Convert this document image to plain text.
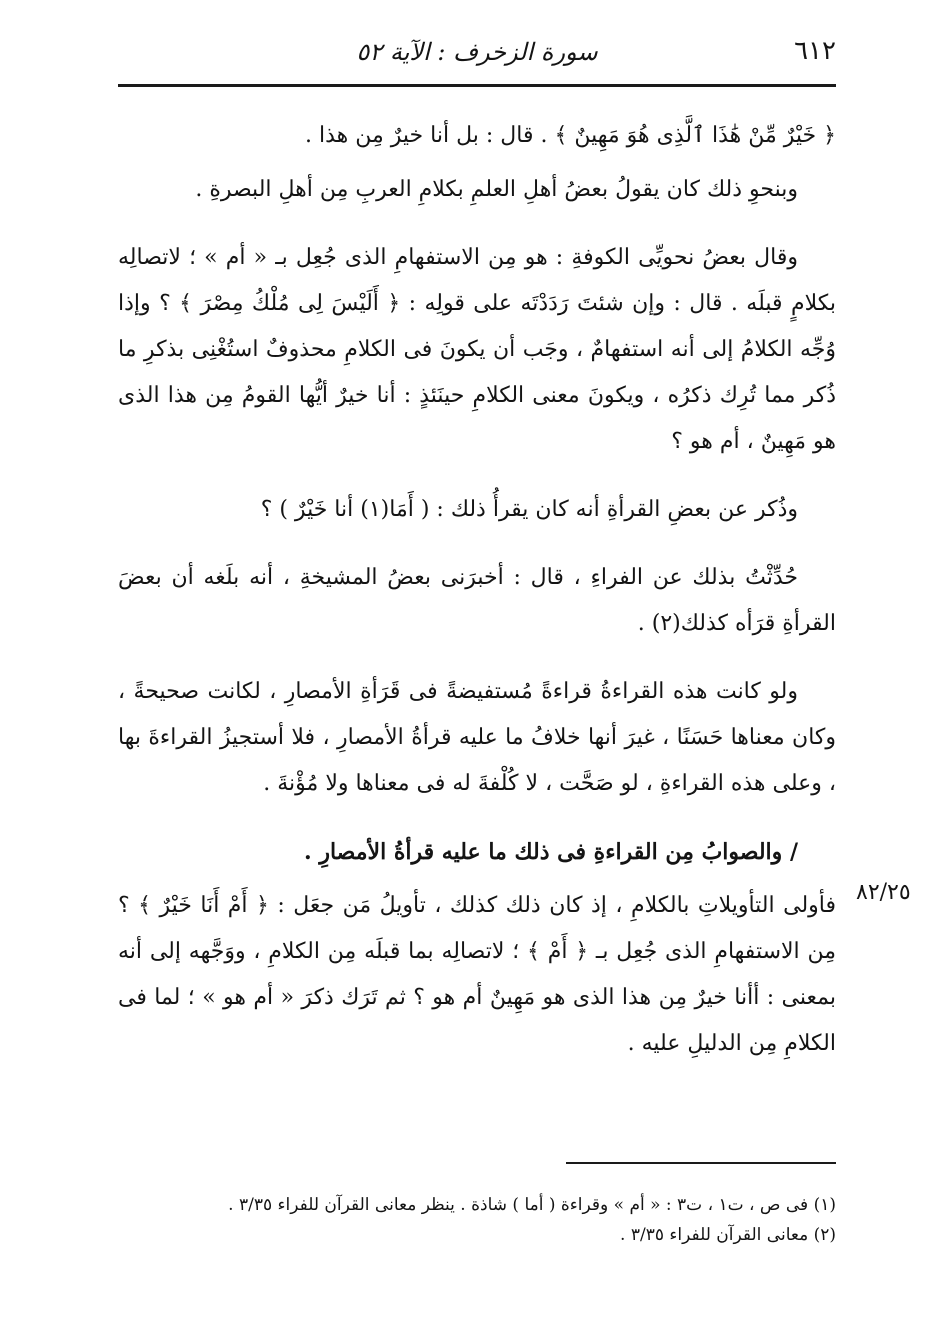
٦١٢
سورة الزخرف : الآية ٥٢
٨٢/٢٥

﴿ خَيْرٌ مِّنْ هَٰذَا ٱلَّذِى هُوَ مَهِينٌ ﴾ . قال : بل أنا خيرٌ مِن هذا .

وبنحوِ ذلك كان يقولُ بعضُ أهلِ العلمِ بكلامِ العربِ مِن أهلِ البصرةِ .

وقال بعضُ نحويِّى الكوفةِ : هو مِن الاستفهامِ الذى جُعِل بـ « أم » ؛ لاتصالِه بكلامٍ قبلَه . قال : وإن شئتَ رَدَدْتَه على قولِه : ﴿ أَلَيْسَ لِى مُلْكُ مِصْرَ ﴾ ؟ وإذا وُجِّه الكلامُ إلى أنه استفهامٌ ، وجَب أن يكونَ فى الكلامِ محذوفٌ استُغْنِى بذكرِ ما ذُكر مما تُرِك ذكرُه ، ويكونَ معنى الكلامِ حينَئذٍ : أنا خيرٌ أيُّها القومُ مِن هذا الذى هو مَهِينٌ ، أم هو ؟

وذُكر عن بعضِ القرأةِ أنه كان يقرأُ ذلك : ( أَمَا(١) أنا خَيْرٌ ) ؟

حُدِّثْتُ بذلك عن الفراءِ ، قال : أخبرَنى بعضُ المشيخةِ ، أنه بلَغه أن بعضَ القرأةِ قرَأه كذلك(٢) .

ولو كانت هذه القراءةُ قراءةً مُستفيضةً فى قَرَأةِ الأمصارِ ، لكانت صحيحةً ، وكان معناها حَسَنًا ، غيرَ أنها خلافُ ما عليه قرأةُ الأمصارِ ، فلا أستجيزُ القراءةَ بها ، وعلى هذه القراءةِ ، لو صَحَّت ، لا كُلْفةَ له فى معناها ولا مُؤْنةَ .

/ والصوابُ مِن القراءةِ فى ذلك ما عليه قرأةُ الأمصارِ .

فأولى التأويلاتِ بالكلامِ ، إذ كان ذلك كذلك ، تأويلُ مَن جعَل : ﴿ أَمْ أَنَا خَيْرٌ ﴾ ؟ مِن الاستفهامِ الذى جُعِل بـ ﴿ أَمْ ﴾ ؛ لاتصالِه بما قبلَه مِن الكلامِ ، ووَجَّهه إلى أنه بمعنى : أأنا خيرٌ مِن هذا الذى هو مَهِينٌ أم هو ؟ ثم تَرَك ذكرَ « أم هو » ؛ لما فى الكلامِ مِن الدليلِ عليه .

(١) فى ص ، ت١ ، ت٣ : « أم » وقراءة ( أما ) شاذة . ينظر معانى القرآن للفراء ٣/٣٥ .

(٢) معانى القرآن للفراء ٣/٣٥ .
